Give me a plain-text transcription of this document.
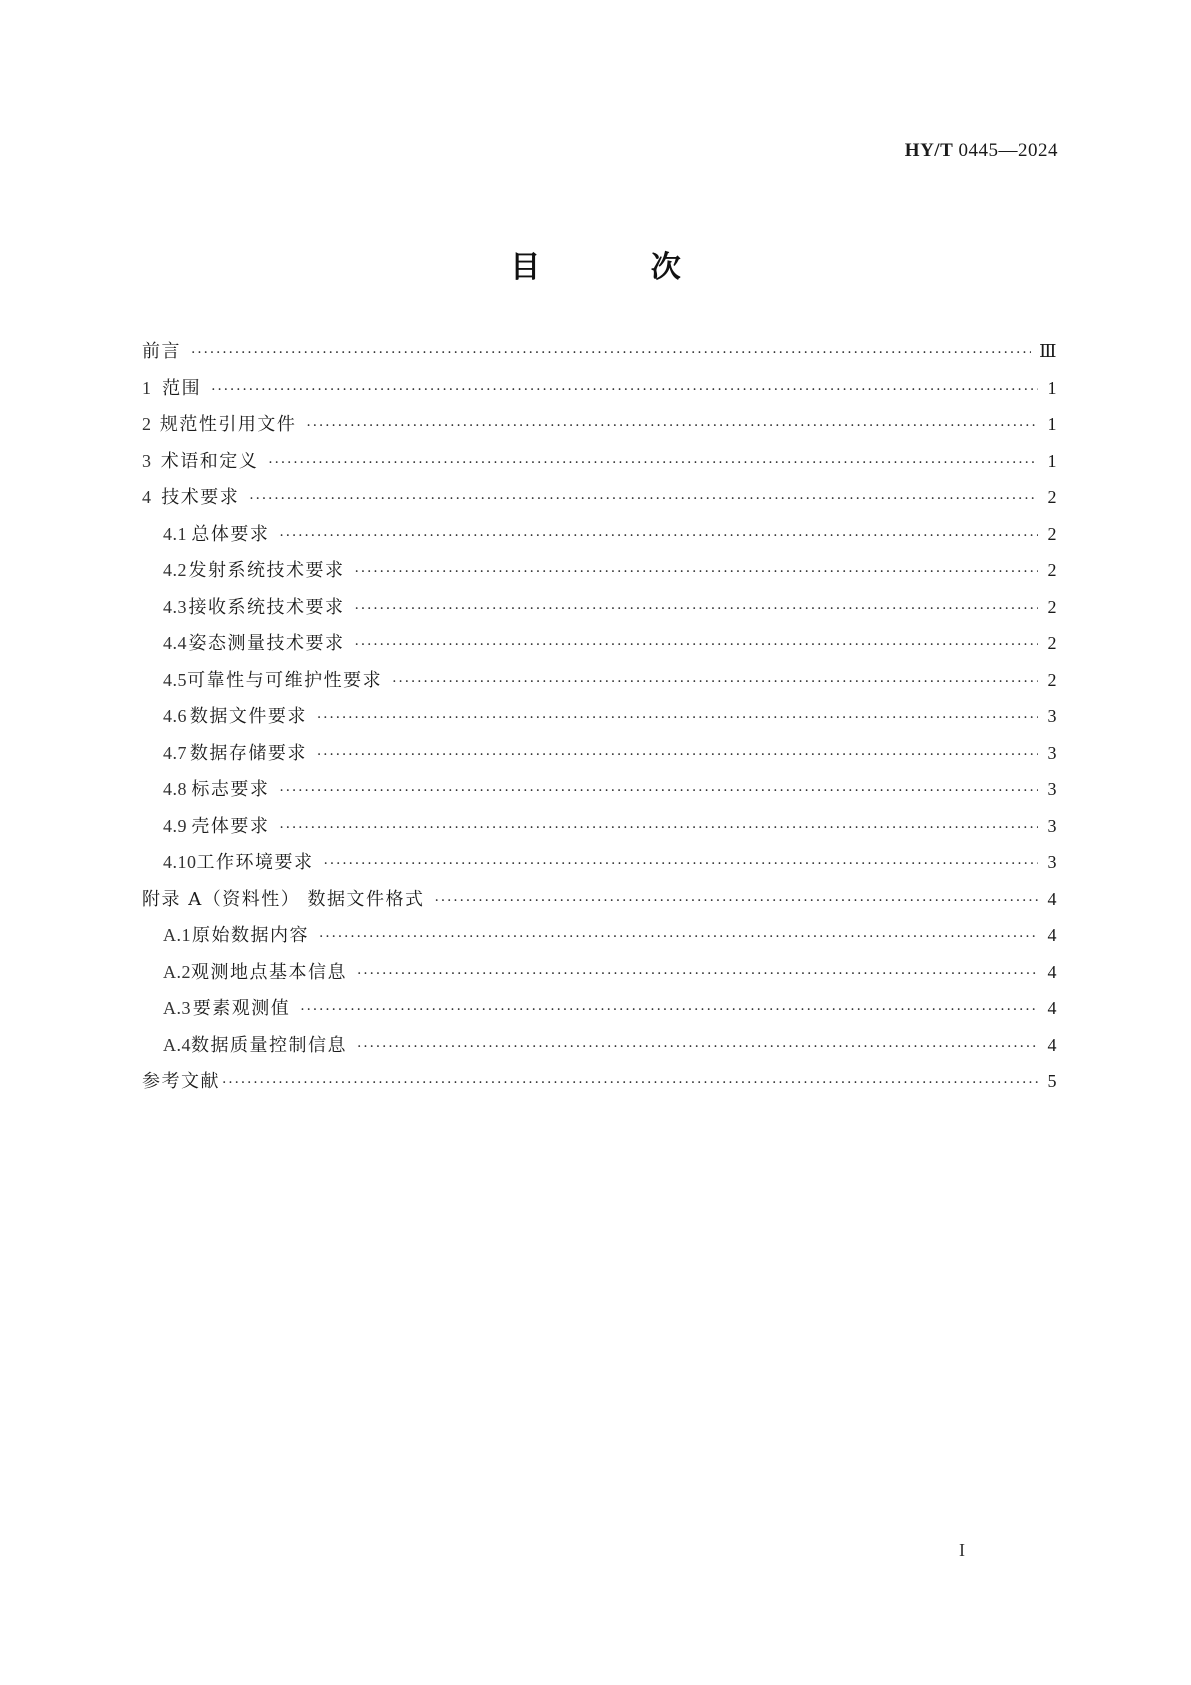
HY/T 0445—2024
目 次
前言 ·····	Ⅲ
1 范围 ·····	1
2 规范性引用文件 ·····	1
3 术语和定义 ·····	1
4 技术要求 ·····	2
4.1 总体要求 ·····	2
4.2 发射系统技术要求 ·····	2
4.3 接收系统技术要求 ·····	2
4.4 姿态测量技术要求 ·····	2
4.5 可靠性与可维护性要求 ·····	2
4.6 数据文件要求 ·····	3
4.7 数据存储要求 ·····	3
4.8 标志要求 ·····	3
4.9 壳体要求 ·····	3
4.10 工作环境要求 ·····	3
附录 A（资料性） 数据文件格式 ·····	4
A.1 原始数据内容 ·····	4
A.2 观测地点基本信息 ·····	4
A.3 要素观测值 ·····	4
A.4 数据质量控制信息 ·····	4
参考文献 ·····	5
I
